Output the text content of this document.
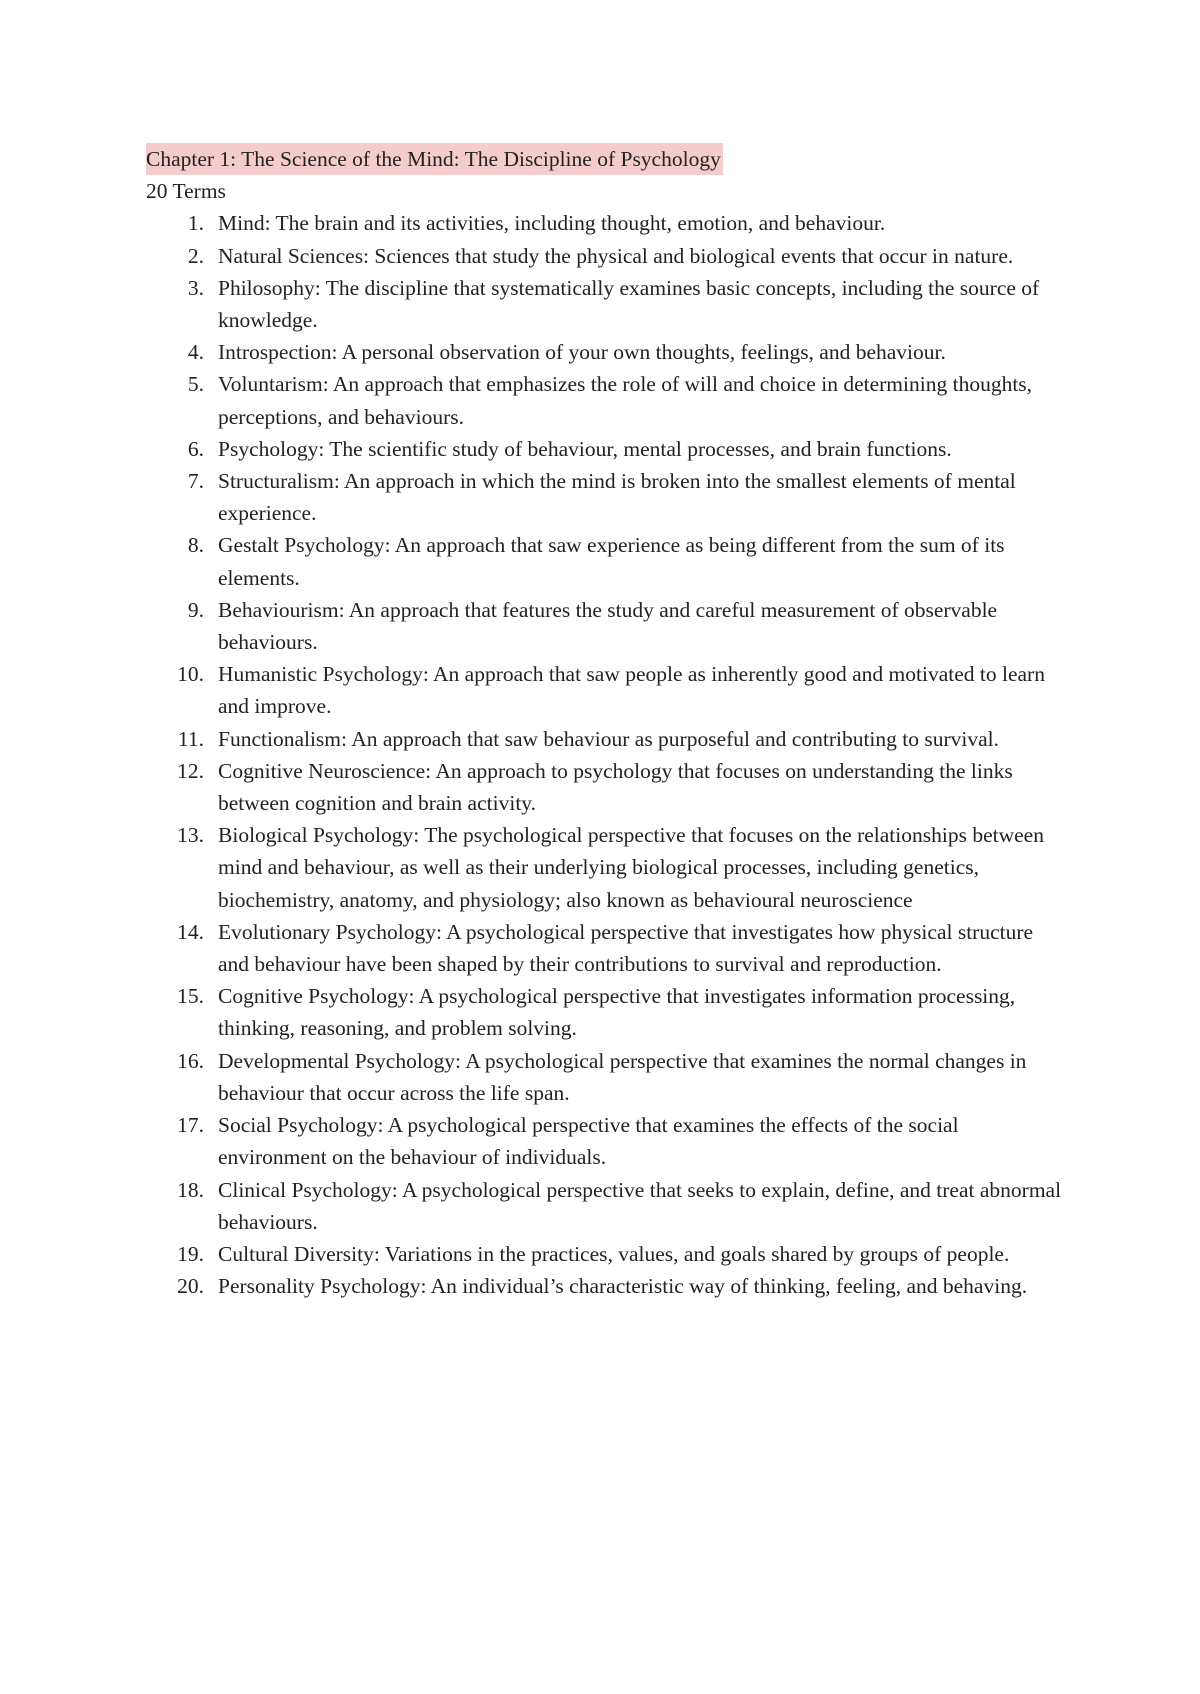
Chapter 1: The Science of the Mind: The Discipline of Psychology
20 Terms
1. Mind: The brain and its activities, including thought, emotion, and behaviour.
2. Natural Sciences: Sciences that study the physical and biological events that occur in nature.
3. Philosophy: The discipline that systematically examines basic concepts, including the source of knowledge.
4. Introspection: A personal observation of your own thoughts, feelings, and behaviour.
5. Voluntarism: An approach that emphasizes the role of will and choice in determining thoughts, perceptions, and behaviours.
6. Psychology: The scientific study of behaviour, mental processes, and brain functions.
7. Structuralism: An approach in which the mind is broken into the smallest elements of mental experience.
8. Gestalt Psychology: An approach that saw experience as being different from the sum of its elements.
9. Behaviourism: An approach that features the study and careful measurement of observable behaviours.
10. Humanistic Psychology: An approach that saw people as inherently good and motivated to learn and improve.
11. Functionalism: An approach that saw behaviour as purposeful and contributing to survival.
12. Cognitive Neuroscience: An approach to psychology that focuses on understanding the links between cognition and brain activity.
13. Biological Psychology: The psychological perspective that focuses on the relationships between mind and behaviour, as well as their underlying biological processes, including genetics, biochemistry, anatomy, and physiology; also known as behavioural neuroscience
14. Evolutionary Psychology: A psychological perspective that investigates how physical structure and behaviour have been shaped by their contributions to survival and reproduction.
15. Cognitive Psychology: A psychological perspective that investigates information processing, thinking, reasoning, and problem solving.
16. Developmental Psychology: A psychological perspective that examines the normal changes in behaviour that occur across the life span.
17. Social Psychology: A psychological perspective that examines the effects of the social environment on the behaviour of individuals.
18. Clinical Psychology: A psychological perspective that seeks to explain, define, and treat abnormal behaviours.
19. Cultural Diversity: Variations in the practices, values, and goals shared by groups of people.
20. Personality Psychology: An individual’s characteristic way of thinking, feeling, and behaving.
